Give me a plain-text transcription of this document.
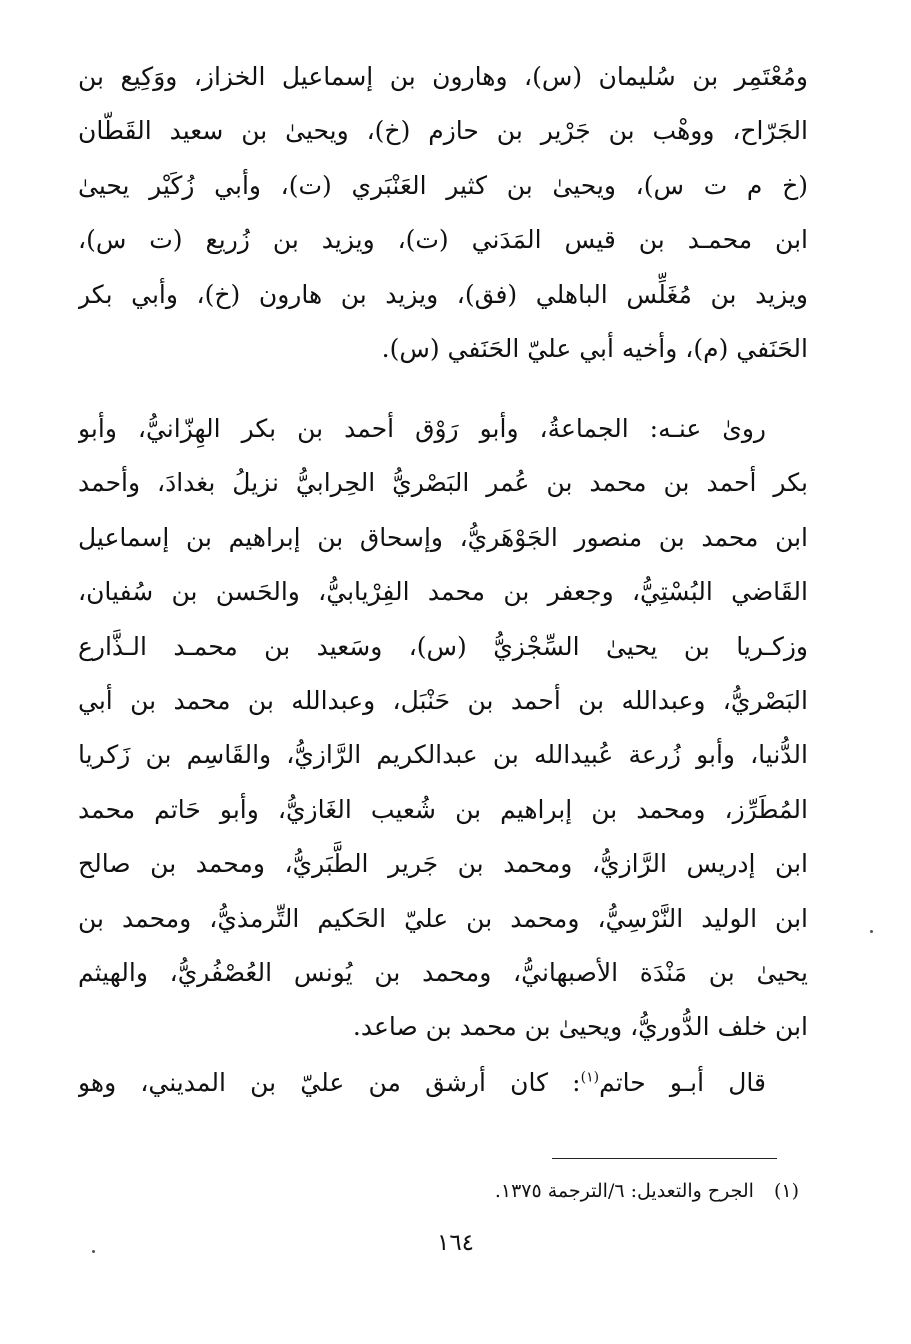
ومُعْتَمِر بن سُليمان (س)، وهارون بن إسماعيل الخزاز، ووَكِيع بن
الجَرّاح، ووهْب بن جَرْير بن حازم (خ)، ويحيىٰ بن سعيد القَطّان
(خ م ت س)، ويحيىٰ بن كثير العَنْبَري (ت)، وأبي زُكَيْر يحيىٰ
ابن محمـد بن قيس المَدَني (ت)، ويزيد بن زُريع (ت س)،
ويزيد بن مُغَلِّس الباهلي (فق)، ويزيد بن هارون (خ)، وأبي بكر
الحَنَفي (م)، وأخيه أبي عليّ الحَنَفي (س).
رویٰ عنـه: الجماعةُ، وأبو رَوْق أحمد بن بكر الهِزّانيُّ، وأبو
بكر أحمد بن محمد بن عُمر البَصْريُّ الحِرابيُّ نزيلُ بغدادَ، وأحمد
ابن محمد بن منصور الجَوْهَريُّ، وإسحاق بن إبراهيم بن إسماعيل
القَاضي البُسْتِيُّ، وجعفر بن محمد الفِرْيابيُّ، والحَسن بن سُفيان،
وزكـريا بن يحيىٰ السِّجْزيُّ (س)، وسَعيد بن محمـد الـذَّارع
البَصْريُّ، وعبدالله بن أحمد بن حَنْبَل، وعبدالله بن محمد بن أبي
الدُّنيا، وأبو زُرعة عُبيدالله بن عبدالكريم الرَّازيُّ، والقَاسِم بن زَكريا
المُطَرِّز، ومحمد بن إبراهيم بن شُعيب الغَازيُّ، وأبو حَاتم محمد
ابن إدريس الرَّازيُّ، ومحمد بن جَرير الطَّبَريُّ، ومحمد بن صالح
ابن الوليد النَّرْسِيُّ، ومحمد بن عليّ الحَكيم التِّرمذيُّ، ومحمد بن
يحيىٰ بن مَنْدَة الأصبهانيُّ، ومحمد بن يُونس العُصْفُريُّ، والهيثم
ابن خلف الدُّوريُّ، ويحيىٰ بن محمد بن صاعد.
قال أبـو حاتم$^{(١)}$: كان أرشق من عليّ بن المديني، وهو
(١)الجرح والتعديل: ٦/الترجمة ١٣٧٥.
١٦٤
